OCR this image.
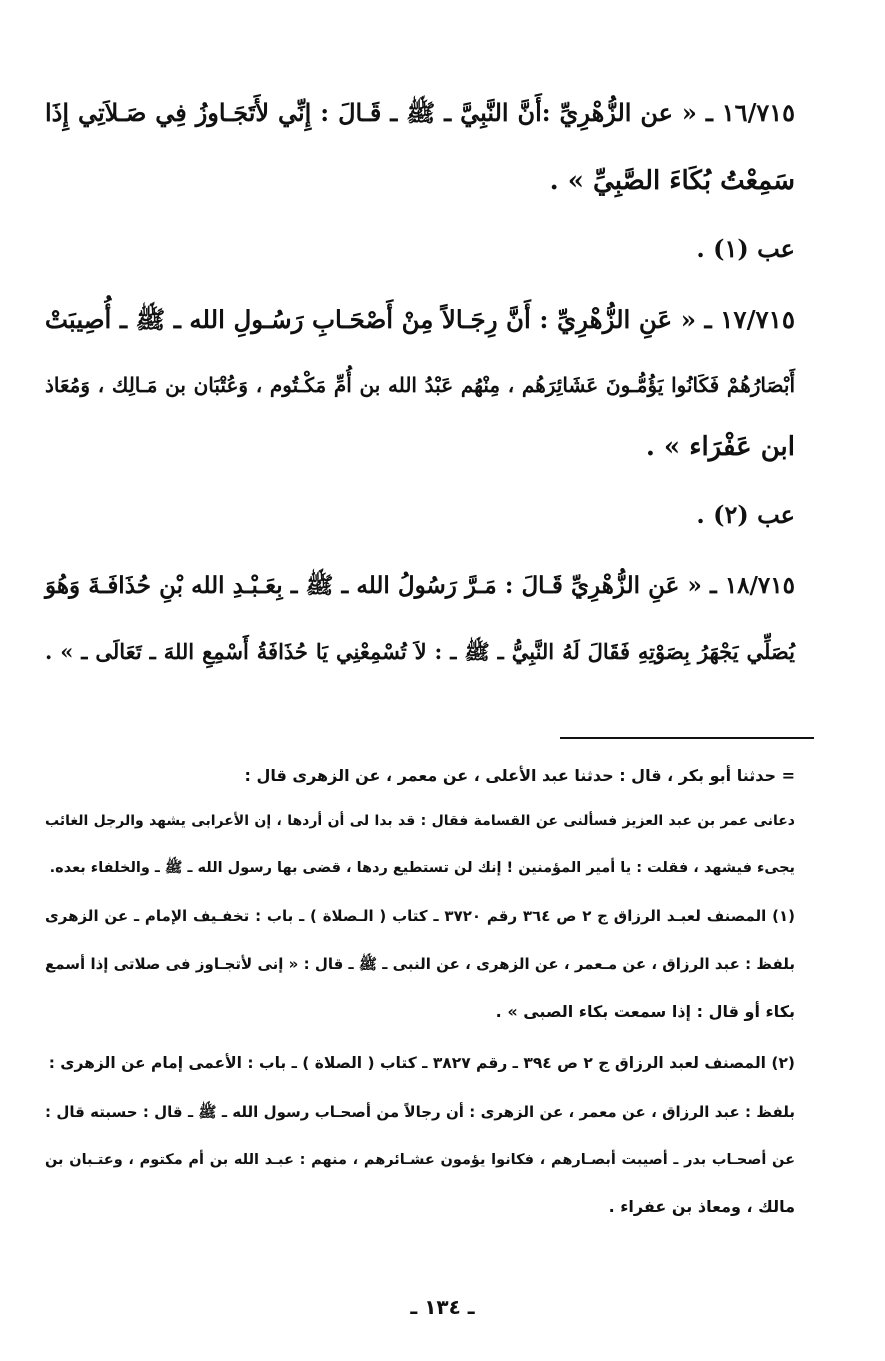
١٦/٧١٥ ـ « عن الزُّهْرِيِّ :أَنَّ النَّبِيَّ ـ ﷺ ـ قَـالَ : إِنِّي لأَتَجَـاوزُ فِي صَـلاَتِي إِذَا
سَمِعْتُ بُكَاءَ الصَّبِيِّ » .
عب (١) .
١٧/٧١٥ ـ « عَنِ الزُّهْرِيِّ : أَنَّ رِجَـالاً مِنْ أَصْحَـابِ رَسُـولِ الله ـ ﷺ ـ أُصِيبَتْ
أَبْصَارُهُمْ فَكَانُوا يَؤُمُّـونَ عَشَائِرَهُم ، مِنْهُم عَبْدُ الله بن أُمِّ مَكْـتُوم ، وَعُتْبَان بن مَـالِك ، وَمُعَاذ
ابن عَفْرَاء » .
عب (٢) .
١٨/٧١٥ ـ « عَنِ الزُّهْرِيِّ قَـالَ : مَـرَّ رَسُولُ الله ـ ﷺ ـ بِعَـبْـدِ الله بْنِ حُذَافَـةَ وَهُوَ
يُصَلِّي يَجْهَرُ بِصَوْتِهِ فَقَالَ لَهُ النَّبِيُّ ـ ﷺ ـ : لاَ تُسْمِعْنِي يَا حُذَافَةُ أَسْمِعِ اللهَ ـ تَعَالَى ـ » .
= حدثنا أبو بكر ، قال : حدثنا عبد الأعلى ، عن معمر ، عن الزهرى قال :
دعانى عمر بن عبد العزيز فسألنى عن القسامة فقال : قد بدا لى أن أردها ، إن الأعرابى يشهد والرجل الغائب
يجىء فيشهد ، فقلت : يا أمير المؤمنين ! إنك لن تستطيع ردها ، قضى بها رسول الله ـ ﷺ ـ والخلفاء بعده.
(١) المصنف لعبـد الرزاق ج ٢ ص ٣٦٤ رقم ٣٧٢٠ ـ كتاب ( الـصلاة ) ـ باب : تخفـيف الإمام ـ عن الزهرى
بلفظ : عبد الرزاق ، عن مـعمر ، عن الزهرى ، عن النبى ـ ﷺ ـ قال : « إنى لأتجـاوز فى صلاتى إذا أسمع
بكاء أو قال : إذا سمعت بكاء الصبى » .
(٢) المصنف لعبد الرزاق ج ٢ ص ٣٩٤ ـ رقم ٣٨٢٧ ـ كتاب ( الصلاة ) ـ باب : الأعمى إمام عن الزهرى :
بلفظ : عبد الرزاق ، عن معمر ، عن الزهرى : أن رجالاً من أصحـاب رسول الله ـ ﷺ ـ قال : حسبته قال :
عن أصحـاب بدر ـ أصيبت أبصـارهم ، فكانوا يؤمون عشـائرهم ، منهم : عبـد الله بن أم مكتوم ، وعتـبان بن
مالك ، ومعاذ بن عفراء .
ـ ١٣٤ ـ
